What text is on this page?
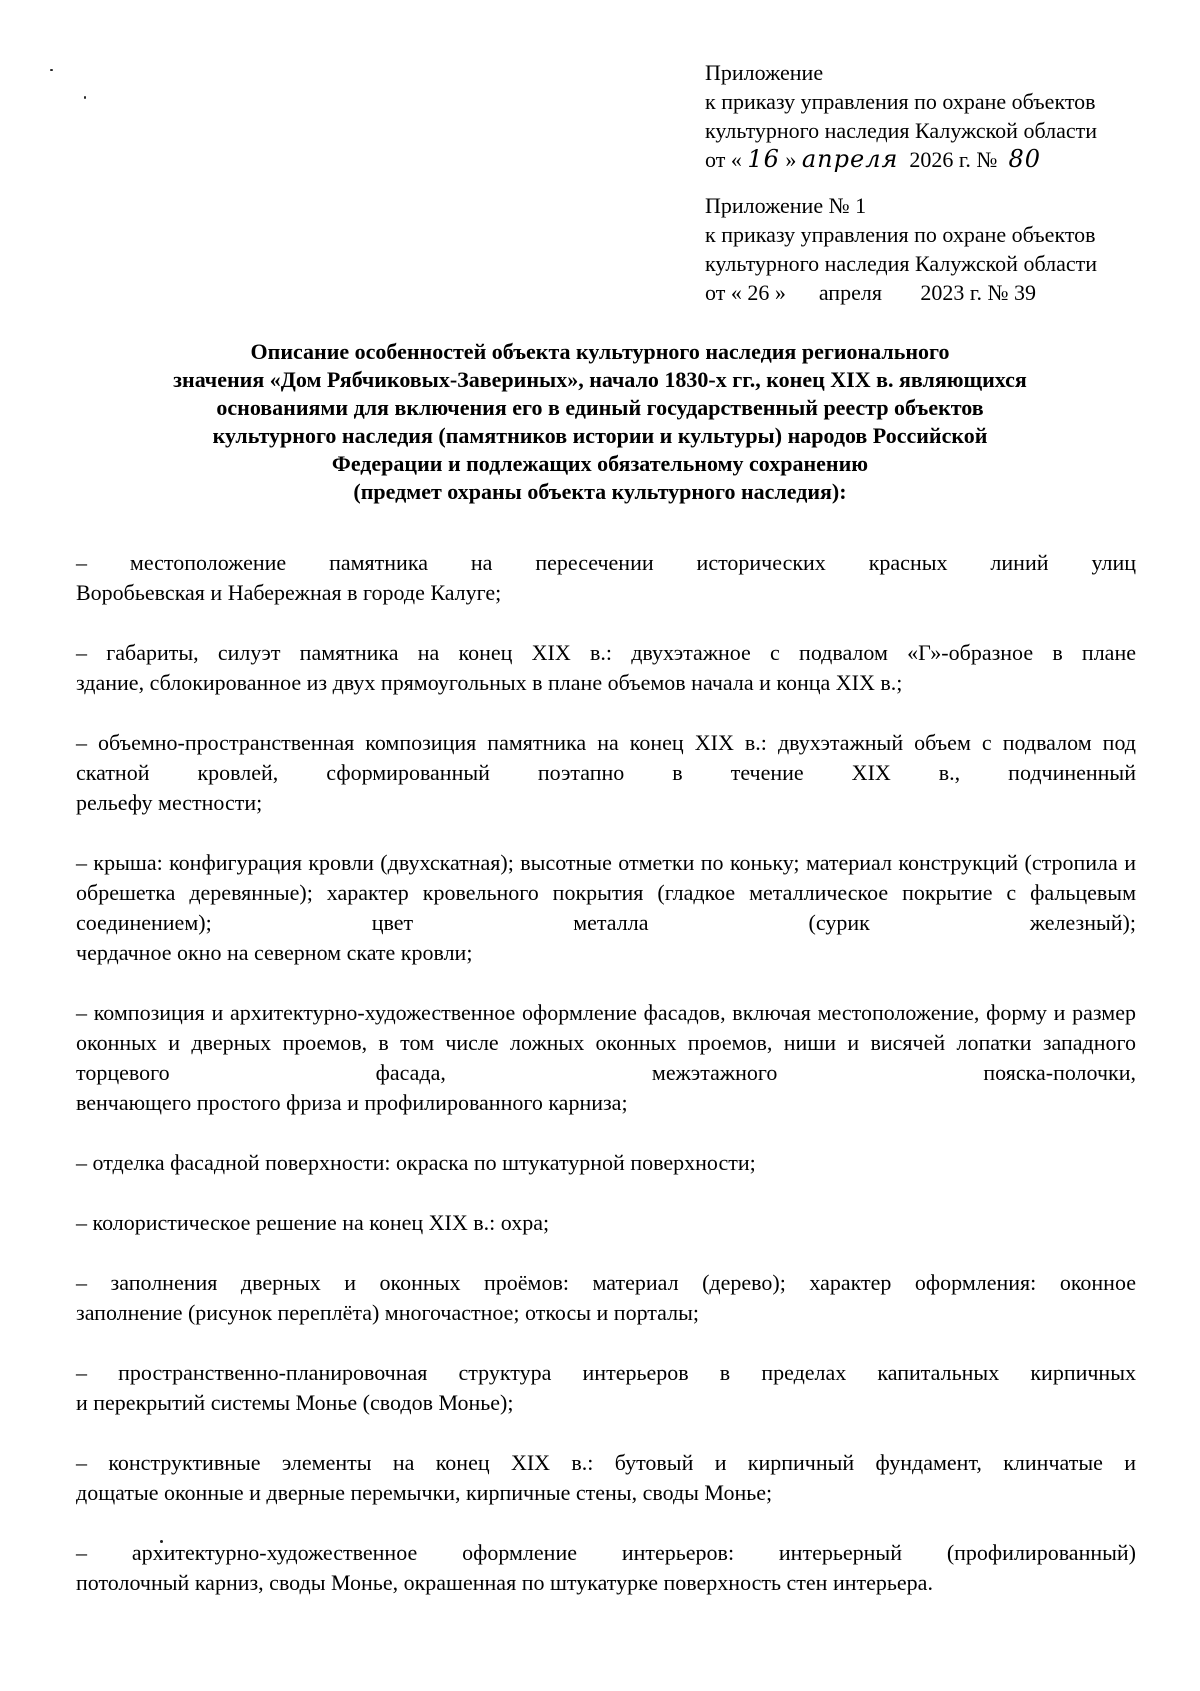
Приложение
к приказу управления по охране объектов
культурного наследия Калужской области
от « 16 » апреля 2026 г. № 80
Приложение № 1
к приказу управления по охране объектов
культурного наследия Калужской области
от « 26 »      апреля       2023 г. № 39
Описание особенностей объекта культурного наследия регионального
значения «Дом Рябчиковых-Завериных», начало 1830-х гг., конец XIX в. являющихся
основаниями для включения его в единый государственный реестр объектов
культурного наследия (памятников истории и культуры) народов Российской
Федерации и подлежащих обязательному сохранению
(предмет охраны объекта культурного наследия):
– местоположение памятника на пересечении исторических красных линий улиц
Воробьевская и Набережная в городе Калуге;
– габариты, силуэт памятника на конец XIX в.: двухэтажное с подвалом «Г»-образное в плане
здание, сблокированное из двух прямоугольных в плане объемов начала и конца XIX в.;
– объемно-пространственная композиция памятника на конец XIX в.: двухэтажный объем с подвалом под скатной кровлей, сформированный поэтапно в течение XIX в., подчиненный
рельефу местности;
– крыша: конфигурация кровли (двухскатная); высотные отметки по коньку; материал конструкций (стропила и обрешетка деревянные); характер кровельного покрытия (гладкое металлическое покрытие с фальцевым соединением); цвет металла (сурик железный);
чердачное окно на северном скате кровли;
– композиция и архитектурно-художественное оформление фасадов, включая местоположение, форму и размер оконных и дверных проемов, в том числе ложных оконных проемов, ниши и висячей лопатки западного торцевого фасада, межэтажного пояска-полочки,
венчающего простого фриза и профилированного карниза;
– отделка фасадной поверхности: окраска по штукатурной поверхности;
– колористическое решение на конец XIX в.: охра;
– заполнения дверных и оконных проёмов: материал (дерево); характер оформления: оконное
заполнение (рисунок переплёта) многочастное; откосы и порталы;
– пространственно-планировочная структура интерьеров в пределах капитальных кирпичных
и перекрытий системы Монье (сводов Монье);
– конструктивные элементы на конец XIX в.: бутовый и кирпичный фундамент, клинчатые и
дощатые оконные и дверные перемычки, кирпичные стены, своды Монье;
– архитектурно-художественное оформление интерьеров: интерьерный (профилированный)
потолочный карниз, своды Монье, окрашенная по штукатурке поверхность стен интерьера.
